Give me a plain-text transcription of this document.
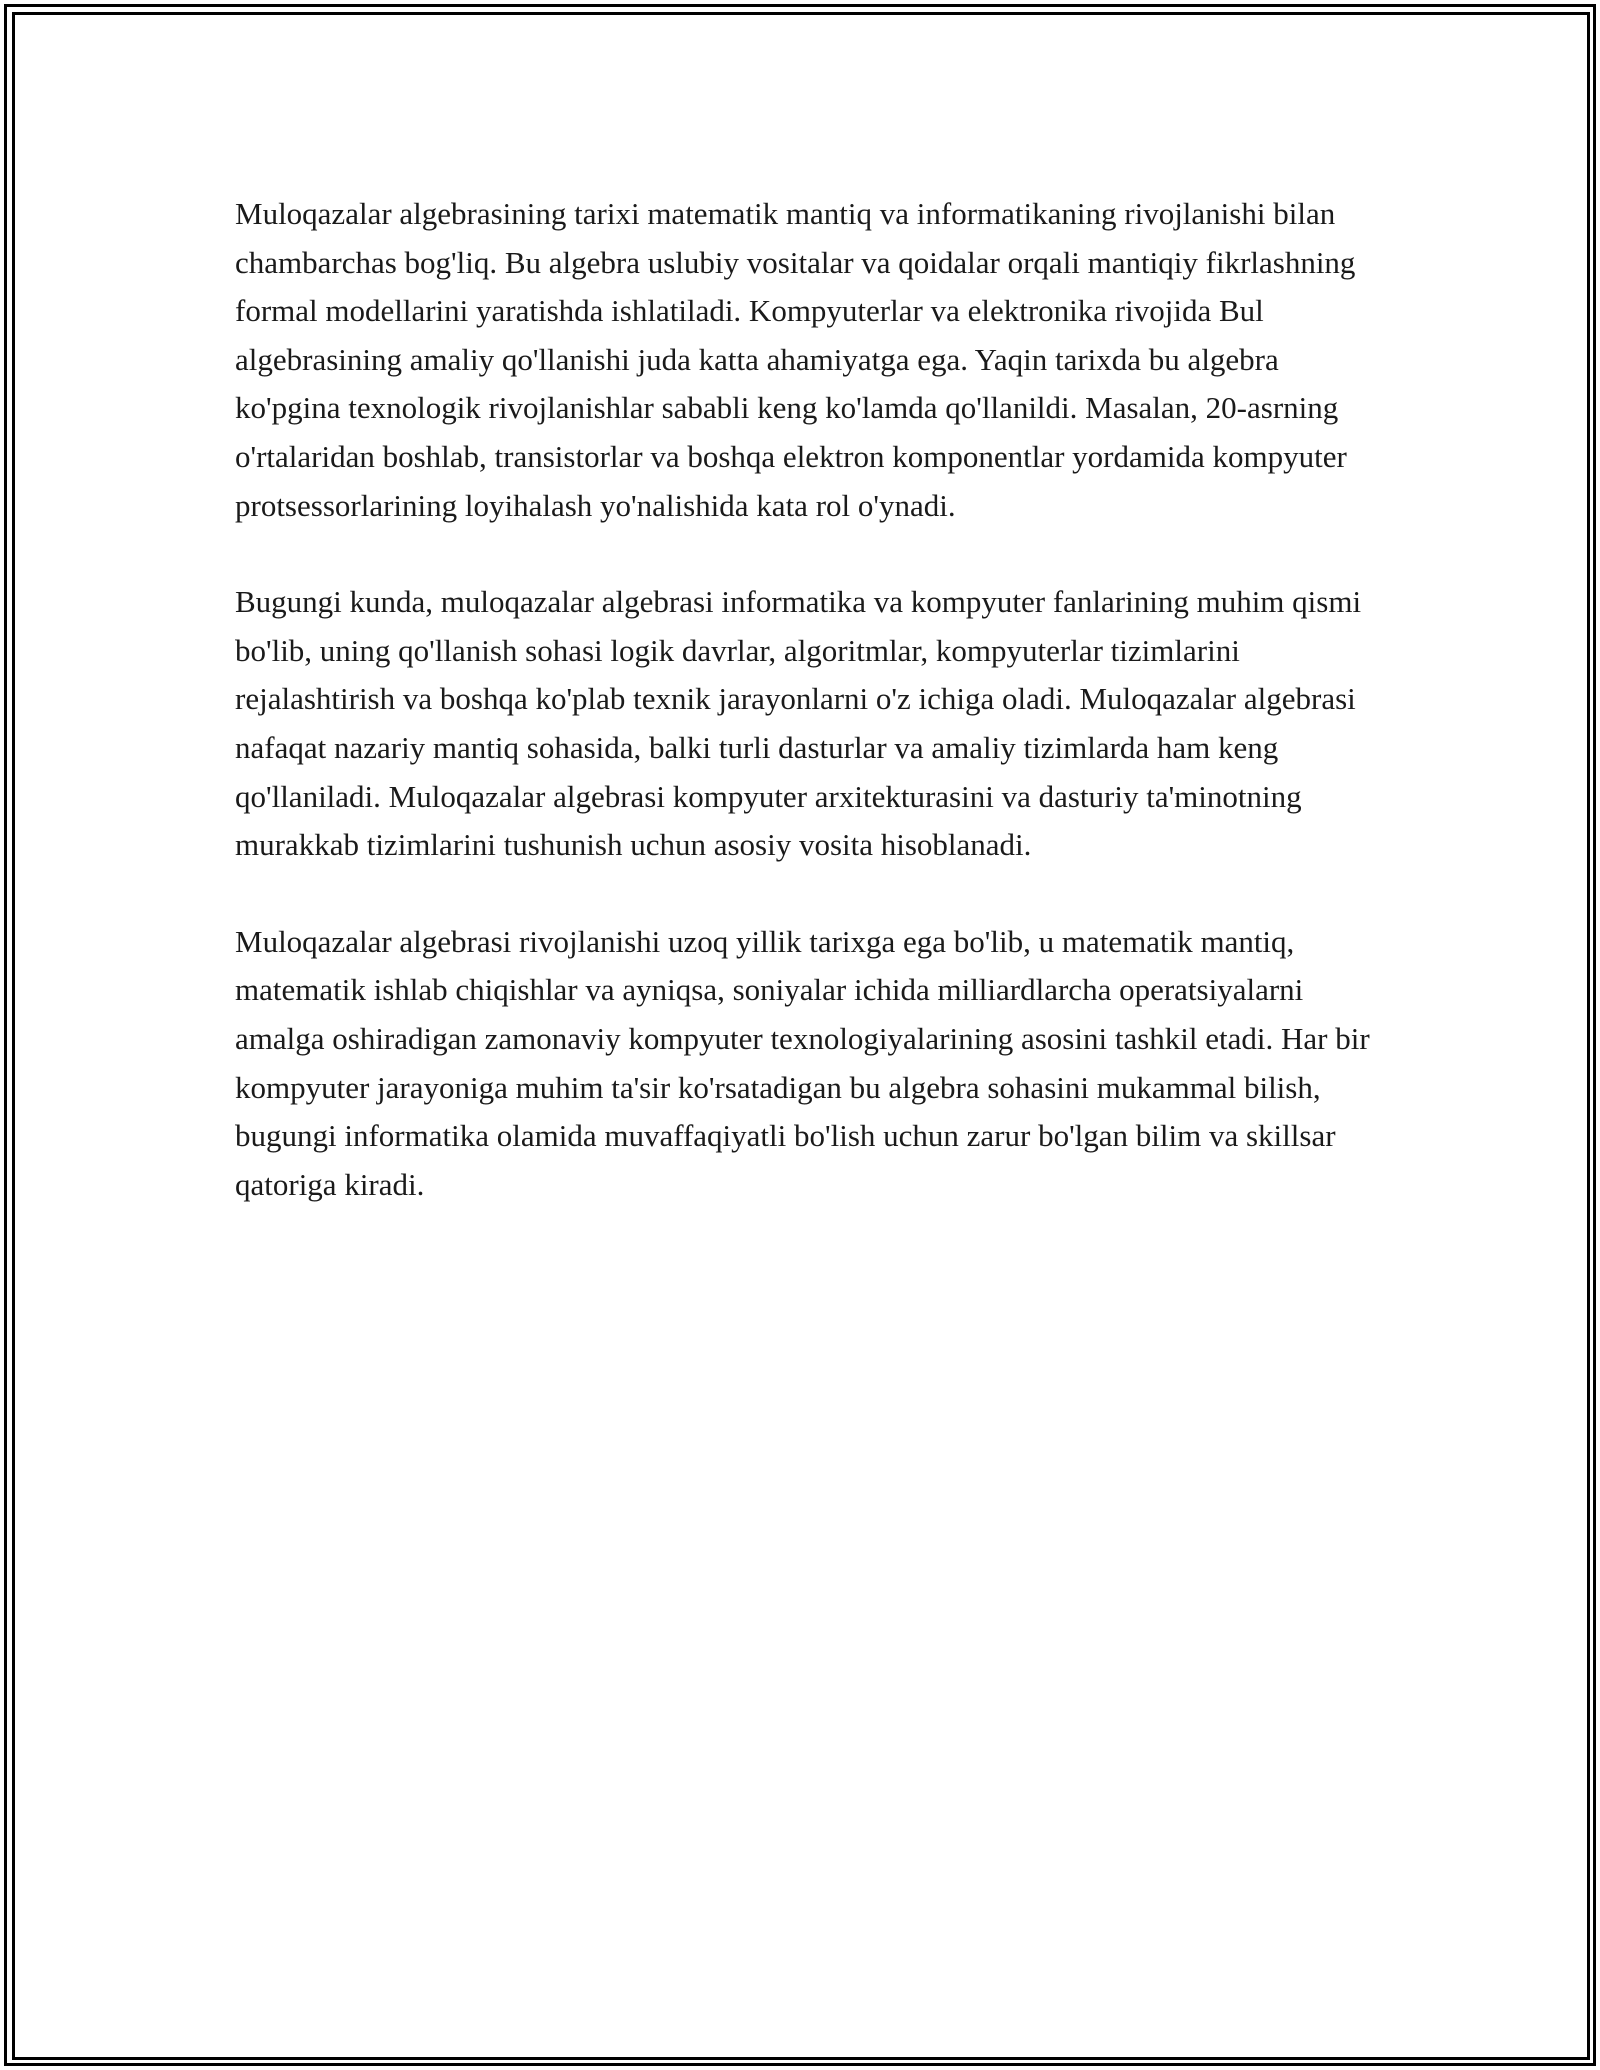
Muloqazalar algebrasining tarixi matematik mantiq va informatikaning rivojlanishi bilan chambarchas bog'liq. Bu algebra uslubiy vositalar va qoidalar orqali mantiqiy fikrlashning formal modellarini yaratishda ishlatiladi. Kompyuterlar va elektronika rivojida Bul algebrasining amaliy qo'llanishi juda katta ahamiyatga ega. Yaqin tarixda bu algebra ko'pgina texnologik rivojlanishlar sababli keng ko'lamda qo'llanildi. Masalan, 20-asrning o'rtalaridan boshlab, transistorlar va boshqa elektron komponentlar yordamida kompyuter protsessorlarining loyihalash yo'nalishida kata rol o'ynadi.

Bugungi kunda, muloqazalar algebrasi informatika va kompyuter fanlarining muhim qismi bo'lib, uning qo'llanish sohasi logik davrlar, algoritmlar, kompyuterlar tizimlarini rejalashtirish va boshqa ko'plab texnik jarayonlarni o'z ichiga oladi. Muloqazalar algebrasi nafaqat nazariy mantiq sohasida, balki turli dasturlar va amaliy tizimlarda ham keng qo'llaniladi. Muloqazalar algebrasi kompyuter arxitekturasini va dasturiy ta'minotning murakkab tizimlarini tushunish uchun asosiy vosita hisoblanadi.

Muloqazalar algebrasi rivojlanishi uzoq yillik tarixga ega bo'lib, u matematik mantiq, matematik ishlab chiqishlar va ayniqsa, soniyalar ichida milliardlarcha operatsiyalarni amalga oshiradigan zamonaviy kompyuter texnologiyalarining asosini tashkil etadi. Har bir kompyuter jarayoniga muhim ta'sir ko'rsatadigan bu algebra sohasini mukammal bilish, bugungi informatika olamida muvaffaqiyatli bo'lish uchun zarur bo'lgan bilim va skillsar qatoriga kiradi.
